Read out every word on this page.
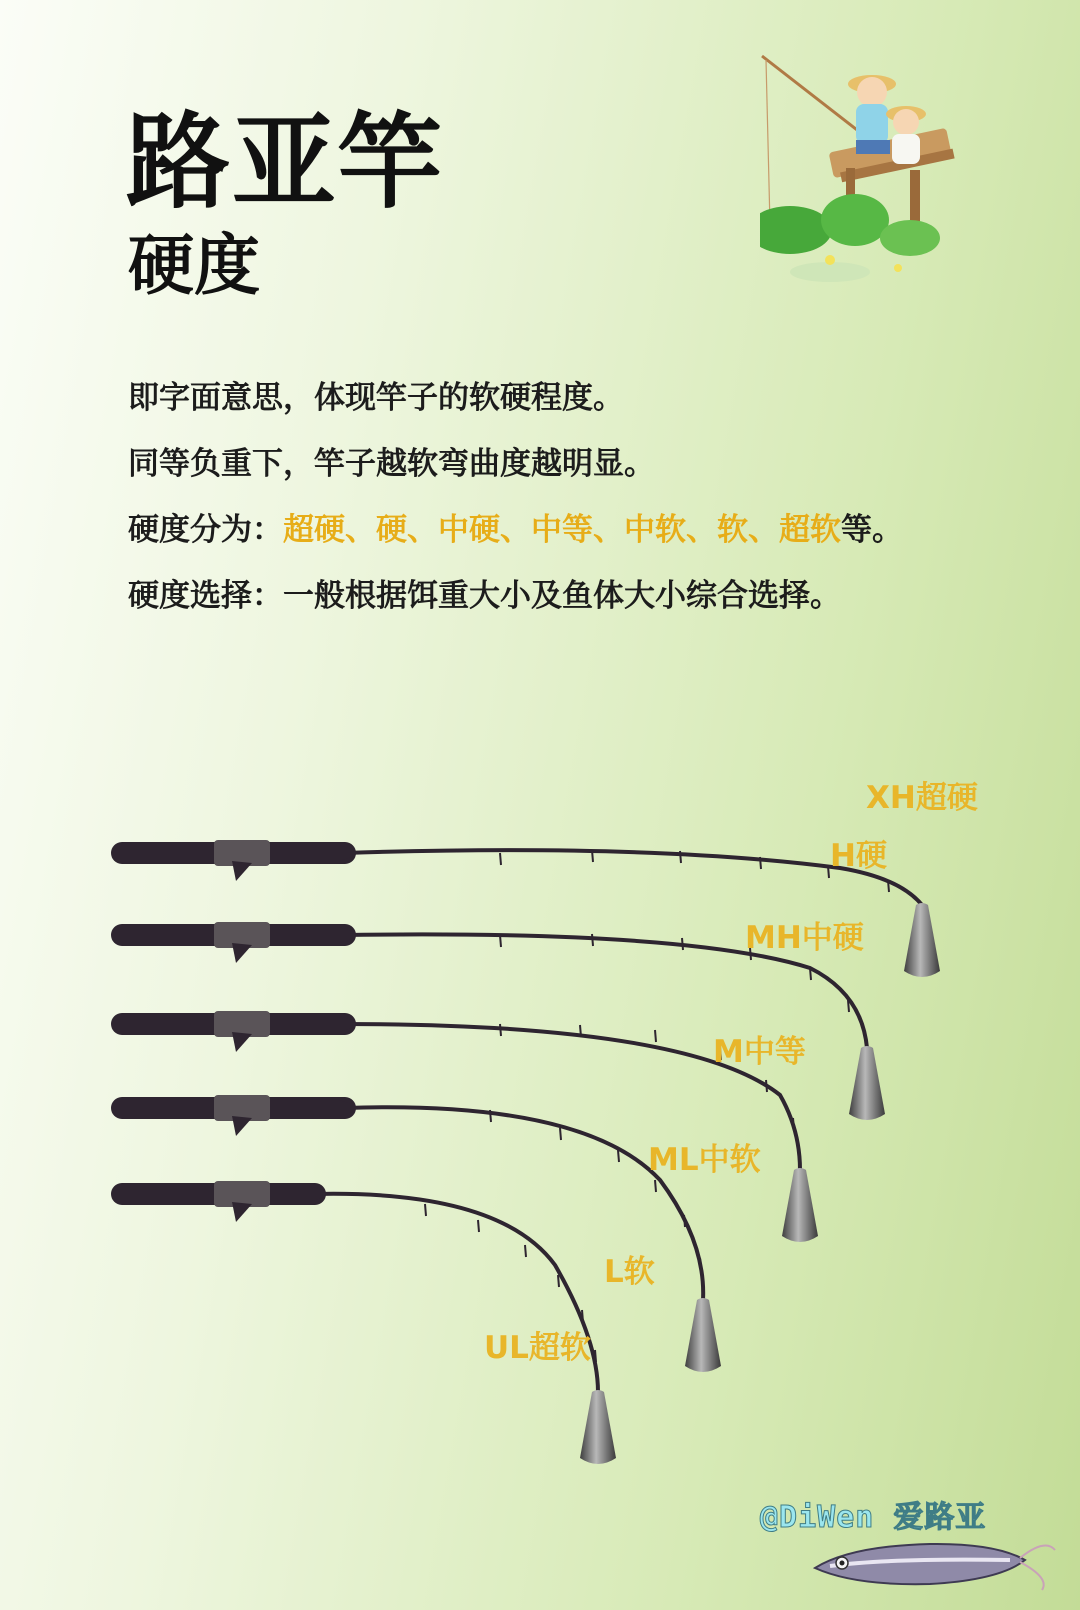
路亚竿
硬度

即字面意思，体现竿子的软硬程度。

同等负重下，竿子越软弯曲度越明显。

硬度分为：超硬、硬、中硬、中等、中软、软、超软等。

硬度选择：一般根据饵重大小及鱼体大小综合选择。

XH超硬
H硬
MH中硬
M中等
ML中软
L软
UL超软

@DiWen 爱路亚
